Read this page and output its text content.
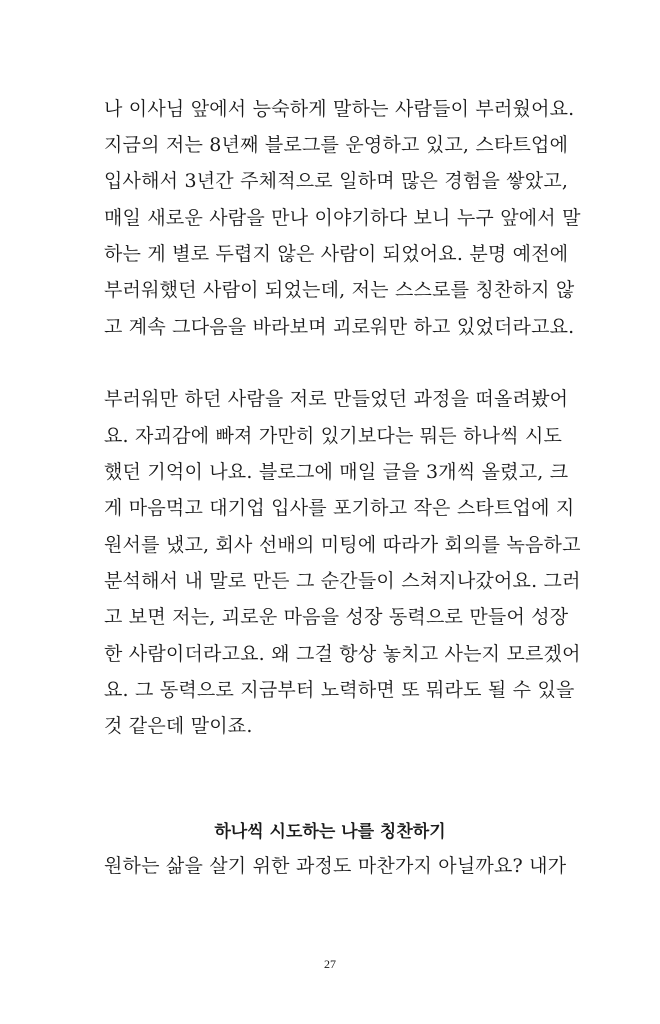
나 이사님 앞에서 능숙하게 말하는 사람들이 부러웠어요.
지금의 저는 8년째 블로그를 운영하고 있고, 스타트업에
입사해서 3년간 주체적으로 일하며 많은 경험을 쌓았고,
매일 새로운 사람을 만나 이야기하다 보니 누구 앞에서 말
하는 게 별로 두렵지 않은 사람이 되었어요. 분명 예전에
부러워했던 사람이 되었는데, 저는 스스로를 칭찬하지 않
고 계속 그다음을 바라보며 괴로워만 하고 있었더라고요.
부러워만 하던 사람을 저로 만들었던 과정을 떠올려봤어
요. 자괴감에 빠져 가만히 있기보다는 뭐든 하나씩 시도
했던 기억이 나요. 블로그에 매일 글을 3개씩 올렸고, 크
게 마음먹고 대기업 입사를 포기하고 작은 스타트업에 지
원서를 냈고, 회사 선배의 미팅에 따라가 회의를 녹음하고
분석해서 내 말로 만든 그 순간들이 스쳐지나갔어요. 그러
고 보면 저는, 괴로운 마음을 성장 동력으로 만들어 성장
한 사람이더라고요. 왜 그걸 항상 놓치고 사는지 모르겠어
요. 그 동력으로 지금부터 노력하면 또 뭐라도 될 수 있을
것 같은데 말이죠.
하나씩 시도하는 나를 칭찬하기
원하는 삶을 살기 위한 과정도 마찬가지 아닐까요? 내가
27
